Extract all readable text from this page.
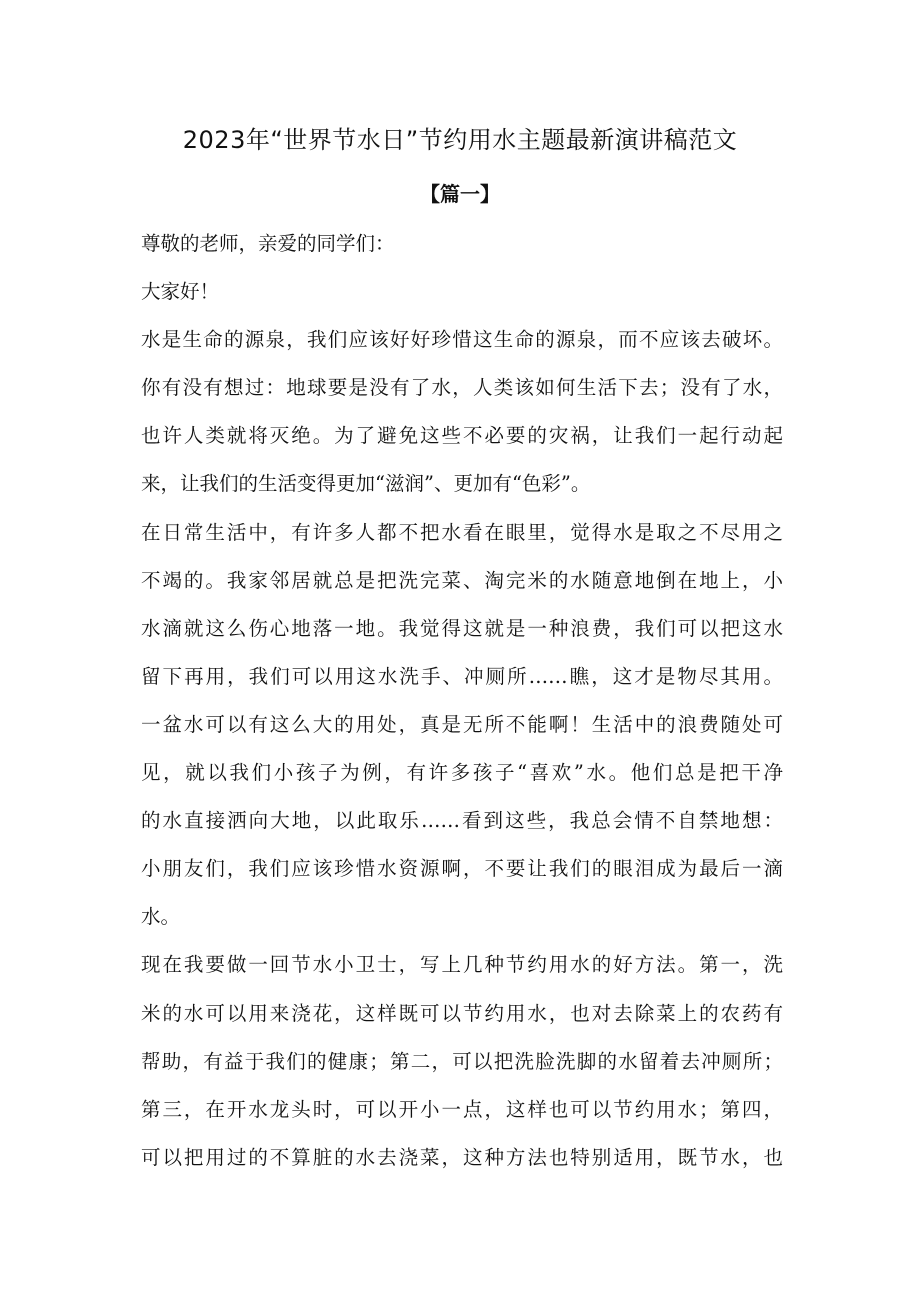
2023年“世界节水日”节约用水主题最新演讲稿范文
【篇一】
尊敬的老师，亲爱的同学们：
大家好！
水是生命的源泉，我们应该好好珍惜这生命的源泉，而不应该去破坏。
你有没有想过：地球要是没有了水，人类该如何生活下去；没有了水，
也许人类就将灭绝。为了避免这些不必要的灾祸，让我们一起行动起
来，让我们的生活变得更加“滋润”、更加有“色彩”。
在日常生活中，有许多人都不把水看在眼里，觉得水是取之不尽用之
不竭的。我家邻居就总是把洗完菜、淘完米的水随意地倒在地上，小
水滴就这么伤心地落一地。我觉得这就是一种浪费，我们可以把这水
留下再用，我们可以用这水洗手、冲厕所……瞧，这才是物尽其用。
一盆水可以有这么大的用处，真是无所不能啊！生活中的浪费随处可
见，就以我们小孩子为例，有许多孩子“喜欢”水。他们总是把干净
的水直接洒向大地，以此取乐……看到这些，我总会情不自禁地想：
小朋友们，我们应该珍惜水资源啊，不要让我们的眼泪成为最后一滴
水。
现在我要做一回节水小卫士，写上几种节约用水的好方法。第一，洗
米的水可以用来浇花，这样既可以节约用水，也对去除菜上的农药有
帮助，有益于我们的健康；第二，可以把洗脸洗脚的水留着去冲厕所；
第三，在开水龙头时，可以开小一点，这样也可以节约用水；第四，
可以把用过的不算脏的水去浇菜，这种方法也特别适用，既节水，也
